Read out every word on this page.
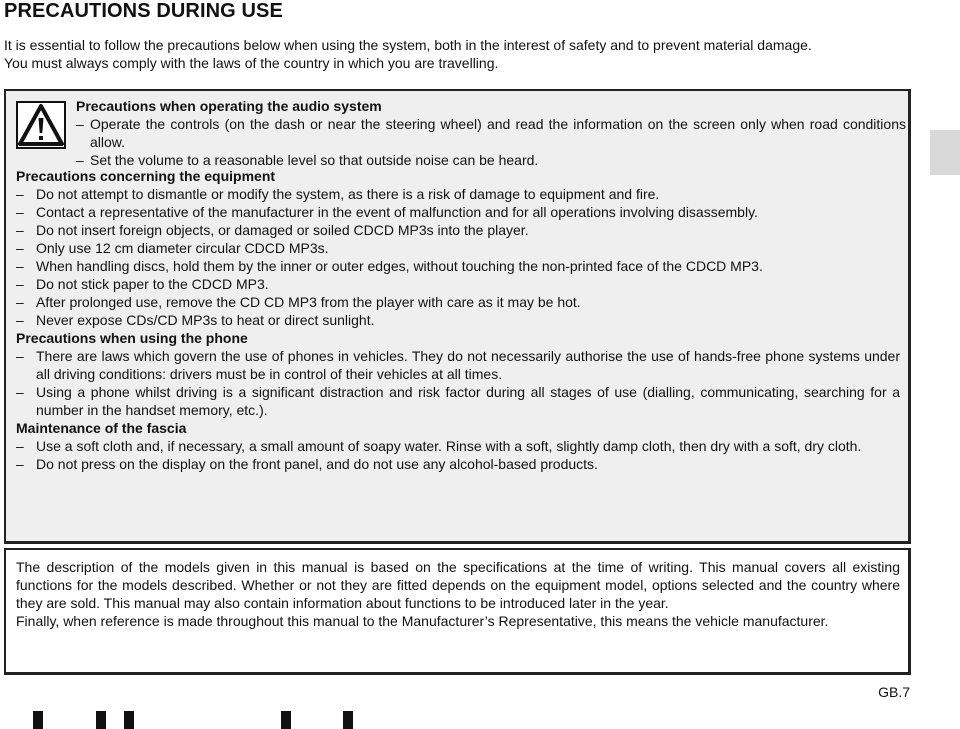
PRECAUTIONS DURING USE
It is essential to follow the precautions below when using the system, both in the interest of safety and to prevent material damage.
You must always comply with the laws of the country in which you are travelling.
Precautions when operating the audio system
– Operate the controls (on the dash or near the steering wheel) and read the information on the screen only when road conditions allow.
– Set the volume to a reasonable level so that outside noise can be heard.
Precautions concerning the equipment
– Do not attempt to dismantle or modify the system, as there is a risk of damage to equipment and fire.
– Contact a representative of the manufacturer in the event of malfunction and for all operations involving disassembly.
– Do not insert foreign objects, or damaged or soiled CDCD MP3s into the player.
– Only use 12 cm diameter circular CDCD MP3s.
– When handling discs, hold them by the inner or outer edges, without touching the non-printed face of the CDCD MP3.
– Do not stick paper to the CDCD MP3.
– After prolonged use, remove the CD CD MP3 from the player with care as it may be hot.
– Never expose CDs/CD MP3s to heat or direct sunlight.
Precautions when using the phone
– There are laws which govern the use of phones in vehicles. They do not necessarily authorise the use of hands-free phone systems under all driving conditions: drivers must be in control of their vehicles at all times.
– Using a phone whilst driving is a significant distraction and risk factor during all stages of use (dialling, communicating, searching for a number in the handset memory, etc.).
Maintenance of the fascia
– Use a soft cloth and, if necessary, a small amount of soapy water. Rinse with a soft, slightly damp cloth, then dry with a soft, dry cloth.
– Do not press on the display on the front panel, and do not use any alcohol-based products.
The description of the models given in this manual is based on the specifications at the time of writing. This manual covers all existing functions for the models described. Whether or not they are fitted depends on the equipment model, options selected and the country where they are sold. This manual may also contain information about functions to be introduced later in the year.
Finally, when reference is made throughout this manual to the Manufacturer’s Representative, this means the vehicle manufacturer.
GB.7
